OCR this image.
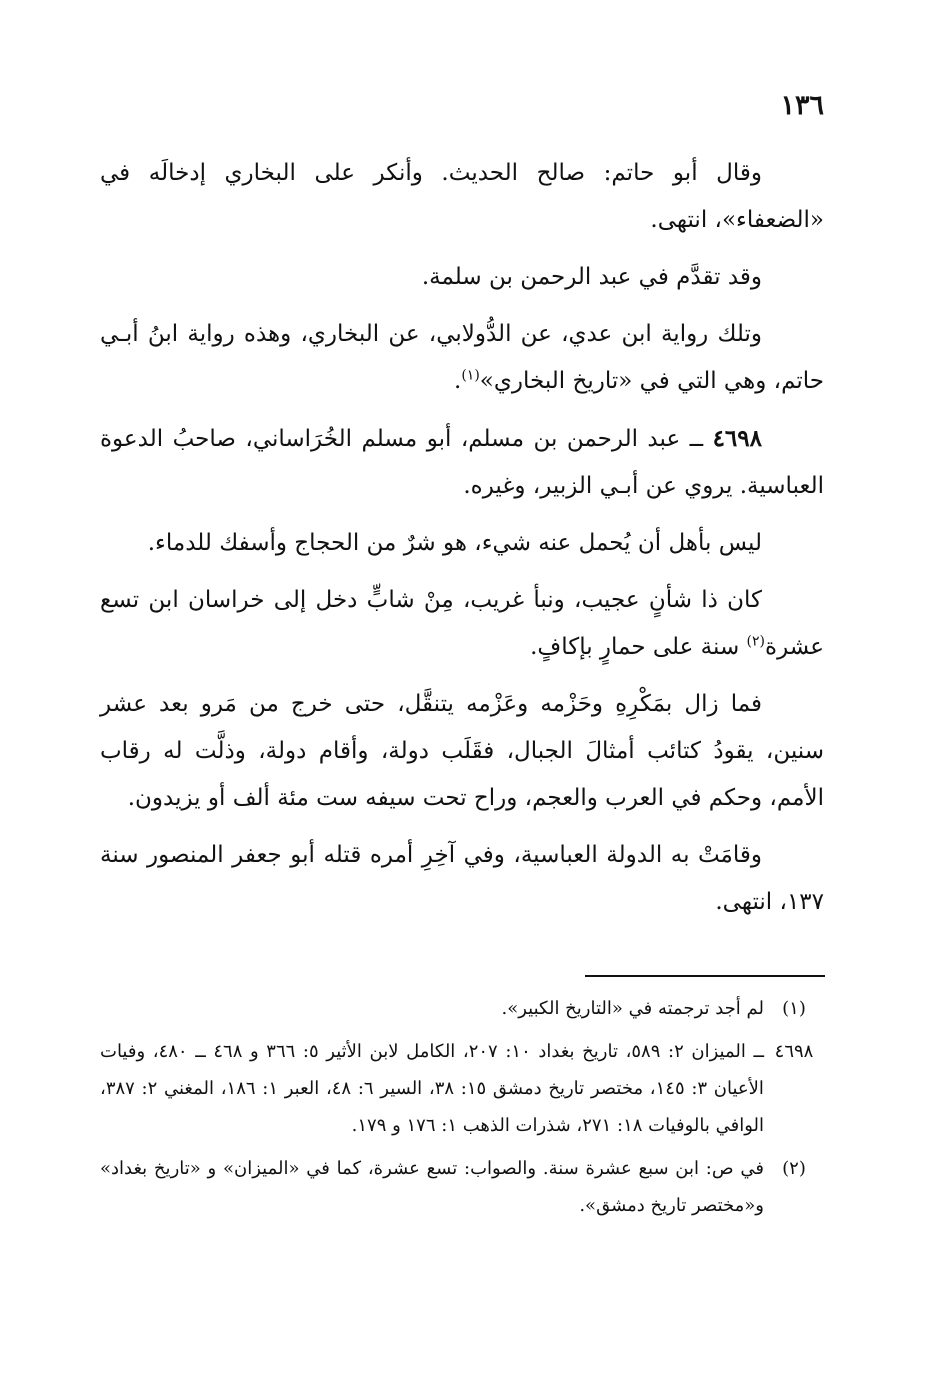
١٣٦

وقال أبو حاتم: صالح الحديث. وأنكر على البخاري إدخالَه في «الضعفاء»، انتهى.

وقد تقدَّم في عبد الرحمن بن سلمة.

وتلك رواية ابن عدي، عن الدُّولابي، عن البخاري، وهذه رواية ابنُ أبـي حاتم، وهي التي في «تاريخ البخاري»$^{(١)}$.

٤٦٩٨ ــ عبد الرحمن بن مسلم، أبو مسلم الخُرَاساني، صاحبُ الدعوة العباسية. يروي عن أبـي الزبير، وغيره.

ليس بأهل أن يُحمل عنه شيء، هو شرٌ من الحجاج وأسفك للدماء.

كان ذا شأنٍ عجيب، ونبأ غريب، مِنْ شابٍّ دخل إلى خراسان ابن تسع عشرة$^{(٢)}$ سنة على حمارٍ بإكافٍ.

فما زال بمَكْرِهِ وحَزْمه وعَزْمه يتنقَّل، حتى خرج من مَرو بعد عشر سنين، يقودُ كتائب أمثالَ الجبال، فقَلَب دولة، وأقام دولة، وذلَّت له رقاب الأمم، وحكم في العرب والعجم، وراح تحت سيفه ست مئة ألف أو يزيدون.

وقامَتْ به الدولة العباسية، وفي آخِرِ أمره قتله أبو جعفر المنصور سنة ١٣٧، انتهى.

(١)لم أجد ترجمته في «التاريخ الكبير».
٤٦٩٨ــ الميزان ٢: ٥٨٩، تاريخ بغداد ١٠: ٢٠٧، الكامل لابن الأثير ٥: ٣٦٦ و ٤٦٨ ــ ٤٨٠، وفيات الأعيان ٣: ١٤٥، مختصر تاريخ دمشق ١٥: ٣٨، السير ٦: ٤٨، العبر ١: ١٨٦، المغني ٢: ٣٨٧، الوافي بالوفيات ١٨: ٢٧١، شذرات الذهب ١: ١٧٦ و ١٧٩.
(٢)في ص: ابن سبع عشرة سنة. والصواب: تسع عشرة، كما في «الميزان» و «تاريخ بغداد» و«مختصر تاريخ دمشق».
